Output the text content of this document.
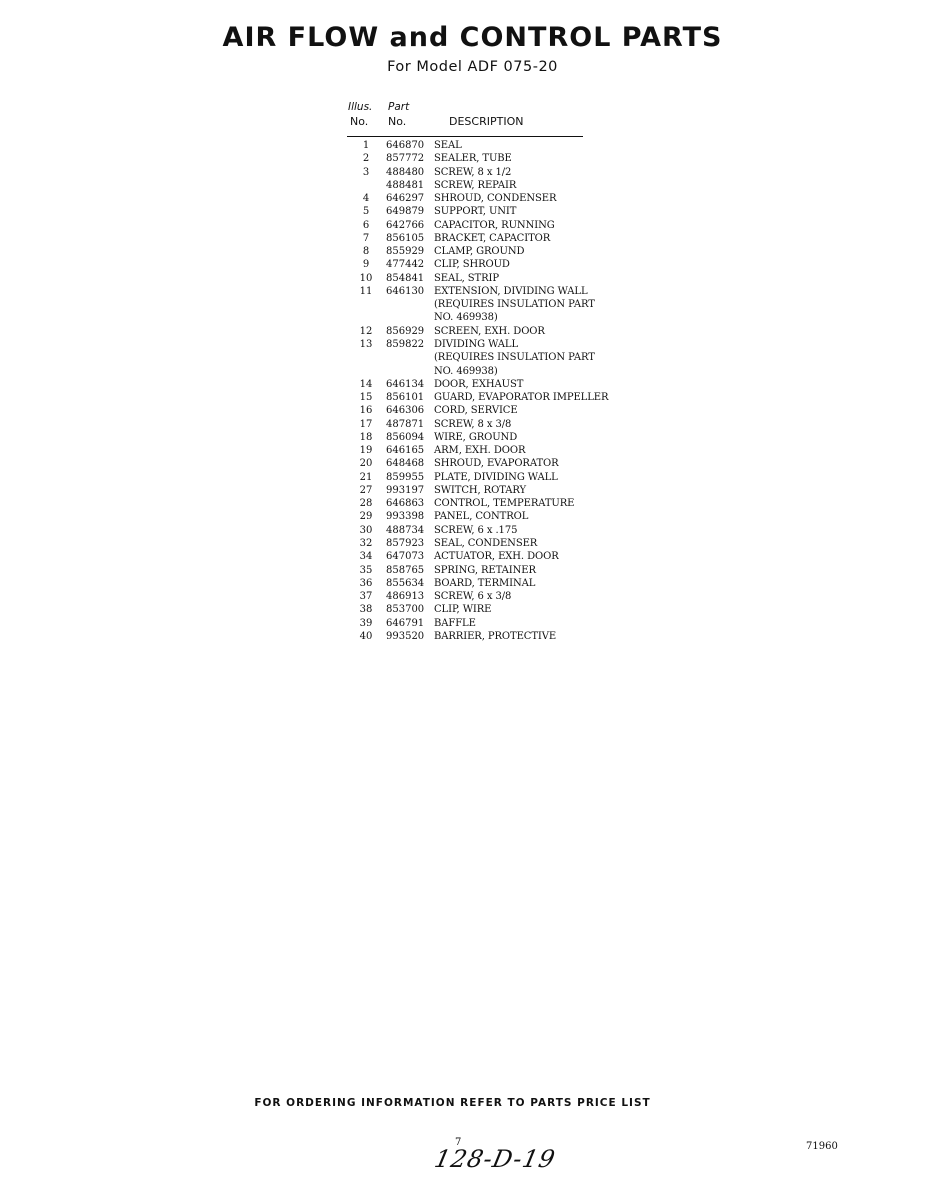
AIR FLOW and CONTROL PARTS
For Model ADF 075-20
Illus. Part
No. No.	DESCRIPTION
1	646870 SEAL
2	857772 SEALER, TUBE
3	488480 SCREW, 8 x 1/2
488481 SCREW, REPAIR
4	646297 SHROUD, CONDENSER
5	649879 SUPPORT, UNIT
6	642766 CAPACITOR, RUNNING
7	856105 BRACKET, CAPACITOR
8	855929 CLAMP, GROUND
9	477442 CLIP, SHROUD
10 854841 SEAL, STRIP
11 646130 EXTENSION, DIVIDING WALL
(REQUIRES INSULATION PART
NO. 469938)
12 856929 SCREEN, EXH. DOOR
13 859822 DIVIDING WALL
(REQUIRES INSULATION PART
NO. 469938)
14 646134 DOOR, EXHAUST
15 856101 GUARD, EVAPORATOR IMPELLER
16 646306 CORD, SERVICE
17 487871 SCREW, 8 x 3/8
18 856094 WIRE, GROUND
19 646165 ARM, EXH. DOOR
20 648468 SHROUD, EVAPORATOR
21 859955 PLATE, DIVIDING WALL
27 993197 SWITCH, ROTARY
28 646863 CONTROL, TEMPERATURE
29 993398 PANEL, CONTROL
30 488734 SCREW, 6 x .175
32 857923 SEAL, CONDENSER
34 647073 ACTUATOR, EXH. DOOR
35 858765 SPRING, RETAINER
36 855634 BOARD, TERMINAL
37 486913 SCREW, 6 x 3/8
38 853700 CLIP, WIRE
39 646791 BAFFLE
40 993520 BARRIER, PROTECTIVE
FOR ORDERING INFORMATION REFER TO PARTS PRICE LIST
7
128-D-19	71960
